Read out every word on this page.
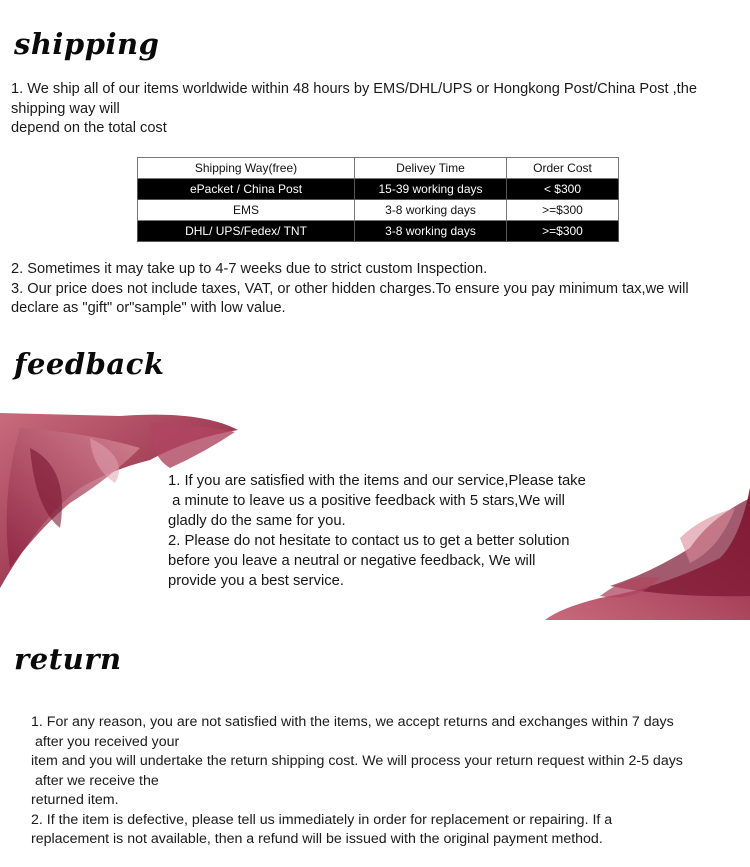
shipping
1. We ship all of our items worldwide within 48 hours by EMS/DHL/UPS or Hongkong Post/China Post ,the
shipping way will
depend on the total cost
Shipping Way(free)	Delivey Time	Order Cost
ePacket / China Post	15-39 working days	< $300
EMS	3-8 working days	>=$300
DHL/ UPS/Fedex/ TNT	3-8 working days	>=$300
2. Sometimes it may take up to 4-7 weeks due to strict custom Inspection.
3. Our price does not include taxes, VAT, or other hidden charges.To ensure you pay minimum tax,we will
declare as "gift" or"sample" with low value.
feedback
1. If you are satisfied with the items and our service,Please take
a minute to leave us a positive feedback with 5 stars,We will
gladly do the same for you.
2. Please do not hesitate to contact us to get a better solution
before you leave a neutral or negative feedback, We will
provide you a best service.
return
1. For any reason, you are not satisfied with the items, we accept returns and exchanges within 7 days
after you received your
item and you will undertake the return shipping cost. We will process your return request within 2-5 days
after we receive the
returned item.
2. If the item is defective, please tell us immediately in order for replacement or repairing. If a
replacement is not available, then a refund will be issued with the original payment method.
